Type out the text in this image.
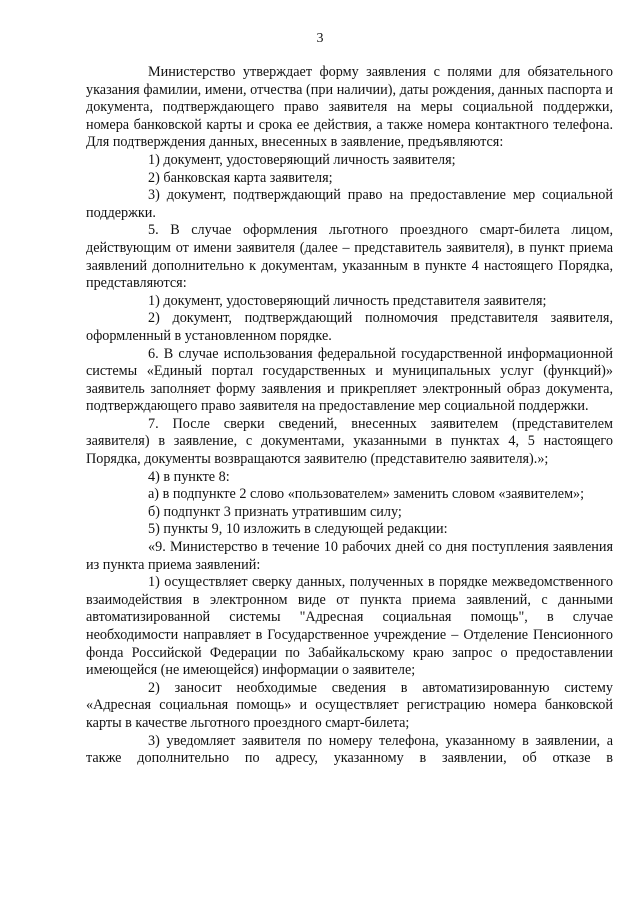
3

Министерство утверждает форму заявления с полями для обязательного указания фамилии, имени, отчества (при наличии), даты рождения, данных паспорта и документа, подтверждающего право заявителя на меры социальной поддержки, номера банковской карты и срока ее действия, а также номера контактного телефона. Для подтверждения данных, внесенных в заявление, предъявляются:

1) документ, удостоверяющий личность заявителя;

2) банковская карта заявителя;

3) документ, подтверждающий право на предоставление мер социальной поддержки.

5. В случае оформления льготного проездного смарт-билета лицом, действующим от имени заявителя (далее – представитель заявителя), в пункт приема заявлений дополнительно к документам, указанным в пункте 4 настоящего Порядка, представляются:

1) документ, удостоверяющий личность представителя заявителя;

2) документ, подтверждающий полномочия представителя заявителя, оформленный в установленном порядке.

6. В случае использования федеральной государственной информационной системы «Единый портал государственных и муниципальных услуг (функций)» заявитель заполняет форму заявления и прикрепляет электронный образ документа, подтверждающего право заявителя на предоставление мер социальной поддержки.

7. После сверки сведений, внесенных заявителем (представителем заявителя) в заявление, с документами, указанными в пунктах 4, 5 настоящего Порядка, документы возвращаются заявителю (представителю заявителя).»;

4) в пункте 8:

а) в подпункте 2 слово «пользователем» заменить словом «заявителем»;

б) подпункт 3 признать утратившим силу;

5) пункты 9, 10 изложить в следующей редакции:

«9. Министерство в течение 10 рабочих дней со дня поступления заявления из пункта приема заявлений:

1) осуществляет сверку данных, полученных в порядке межведомственного взаимодействия в электронном виде от пункта приема заявлений, с данными автоматизированной системы "Адресная социальная помощь", в случае необходимости направляет в Государственное учреждение – Отделение Пенсионного фонда Российской Федерации по Забайкальскому краю запрос о предоставлении имеющейся (не имеющейся) информации о заявителе;

2) заносит необходимые сведения в автоматизированную систему «Адресная социальная помощь» и осуществляет регистрацию номера банковской карты в качестве льготного проездного смарт-билета;

3) уведомляет заявителя по номеру телефона, указанному в заявлении, а также дополнительно по адресу, указанному в заявлении, об отказе в
